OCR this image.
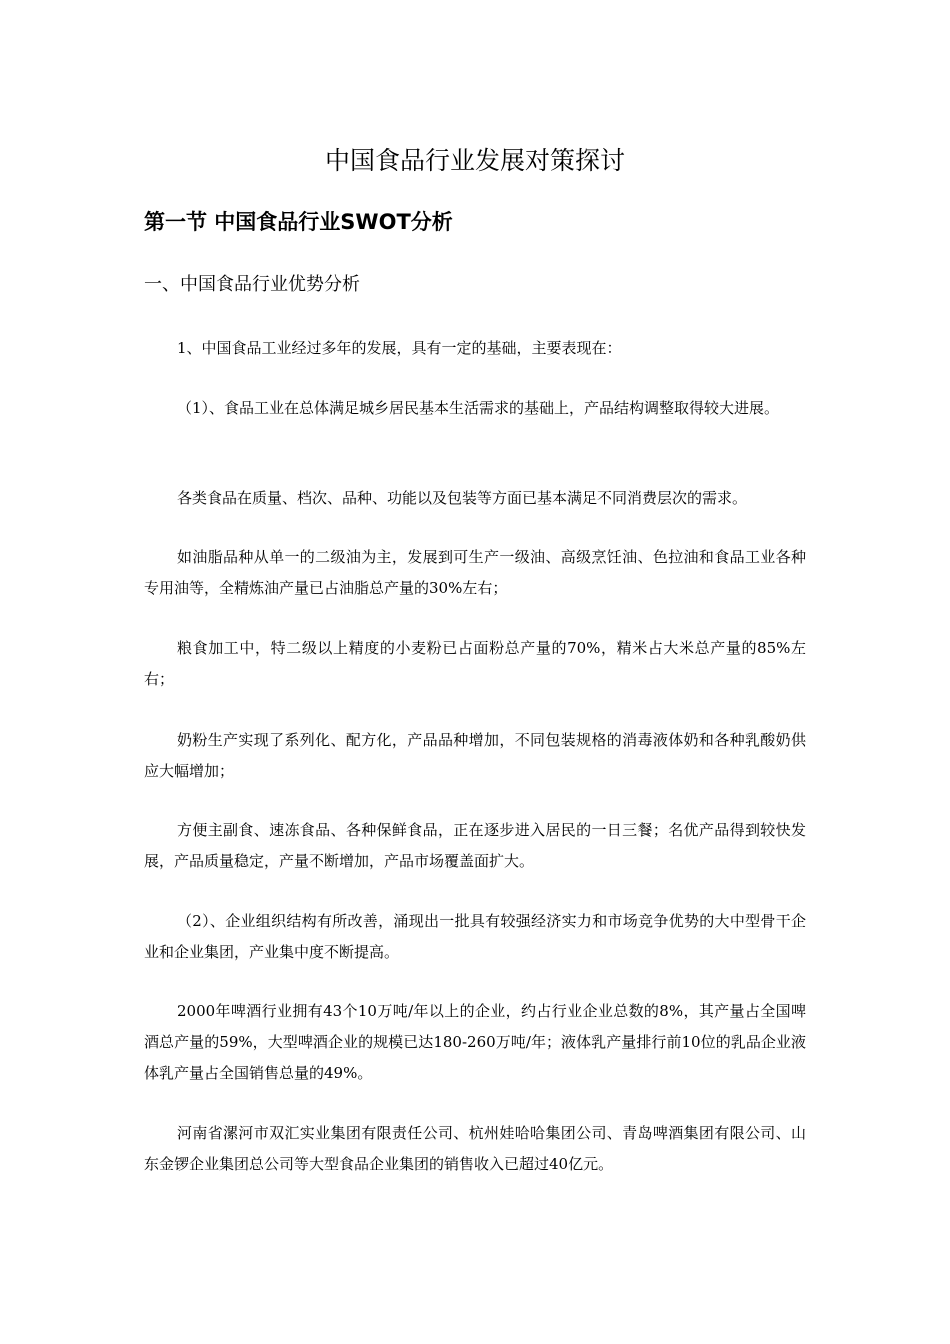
中国食品行业发展对策探讨
第一节 中国食品行业SWOT分析
一、中国食品行业优势分析

1、中国食品工业经过多年的发展，具有一定的基础，主要表现在：

（1）、食品工业在总体满足城乡居民基本生活需求的基础上，产品结构调整取得较大进展。

各类食品在质量、档次、品种、功能以及包装等方面已基本满足不同消费层次的需求。

如油脂品种从单一的二级油为主，发展到可生产一级油、高级烹饪油、色拉油和食品工业各种专用油等，全精炼油产量已占油脂总产量的30%左右；

粮食加工中，特二级以上精度的小麦粉已占面粉总产量的70%，精米占大米总产量的85%左右；

奶粉生产实现了系列化、配方化，产品品种增加，不同包装规格的消毒液体奶和各种乳酸奶供应大幅增加；

方便主副食、速冻食品、各种保鲜食品，正在逐步进入居民的一日三餐；名优产品得到较快发展，产品质量稳定，产量不断增加，产品市场覆盖面扩大。

（2）、企业组织结构有所改善，涌现出一批具有较强经济实力和市场竞争优势的大中型骨干企业和企业集团，产业集中度不断提高。

2000年啤酒行业拥有43个10万吨/年以上的企业，约占行业企业总数的8%，其产量占全国啤酒总产量的59%，大型啤酒企业的规模已达180-260万吨/年；液体乳产量排行前10位的乳品企业液体乳产量占全国销售总量的49%。

河南省漯河市双汇实业集团有限责任公司、杭州娃哈哈集团公司、青岛啤酒集团有限公司、山东金锣企业集团总公司等大型食品企业集团的销售收入已超过40亿元。
